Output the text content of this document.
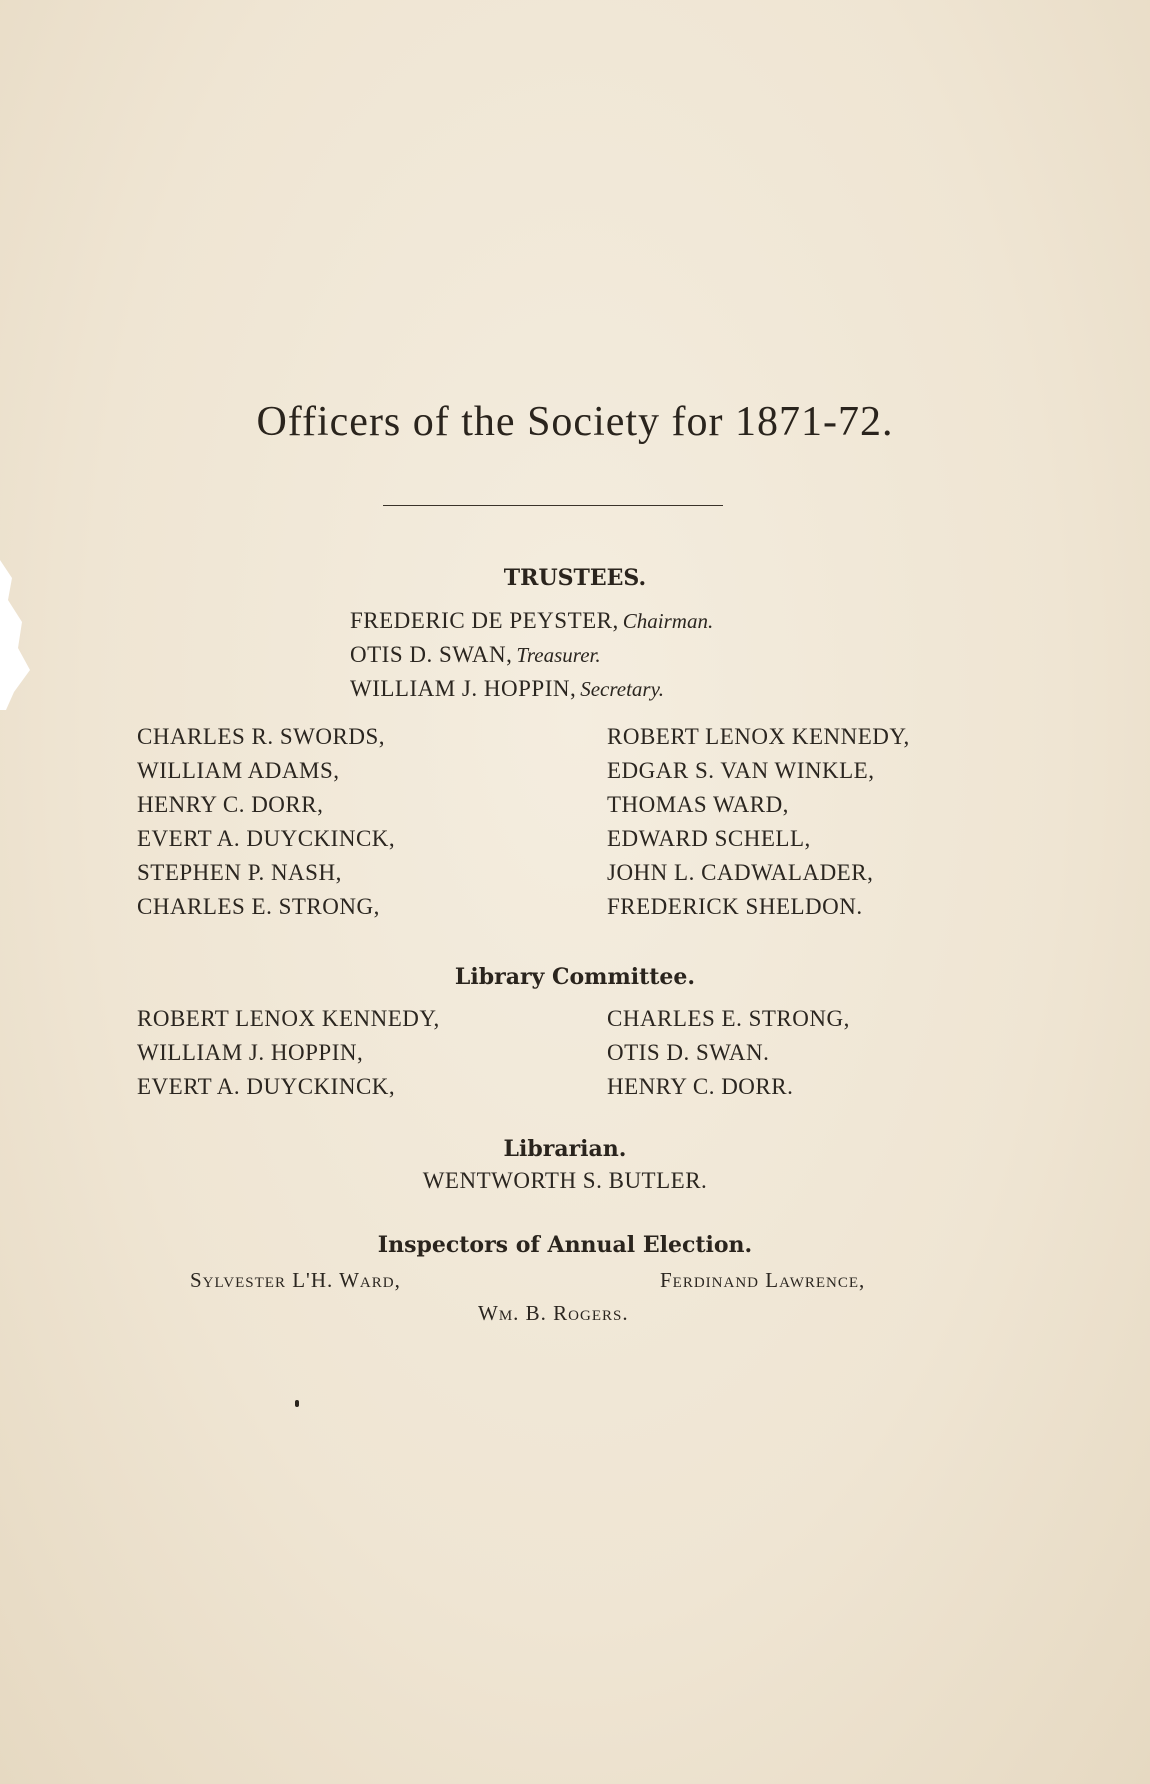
Officers of the Society for 1871-72.
TRUSTEES.
FREDERIC DE PEYSTER, Chairman.
OTIS D. SWAN, Treasurer.
WILLIAM J. HOPPIN, Secretary.
CHARLES R. SWORDS,
WILLIAM ADAMS,
HENRY C. DORR,
EVERT A. DUYCKINCK,
STEPHEN P. NASH,
CHARLES E. STRONG,
ROBERT LENOX KENNEDY,
EDGAR S. VAN WINKLE,
THOMAS WARD,
EDWARD SCHELL,
JOHN L. CADWALADER,
FREDERICK SHELDON.
Library Committee.
ROBERT LENOX KENNEDY,
WILLIAM J. HOPPIN,
EVERT A. DUYCKINCK,
CHARLES E. STRONG,
OTIS D. SWAN.
HENRY C. DORR.
Librarian.
WENTWORTH S. BUTLER.
Inspectors of Annual Election.
Sylvester L'H. Ward,	Ferdinand Lawrence,
Wm. B. Rogers.
